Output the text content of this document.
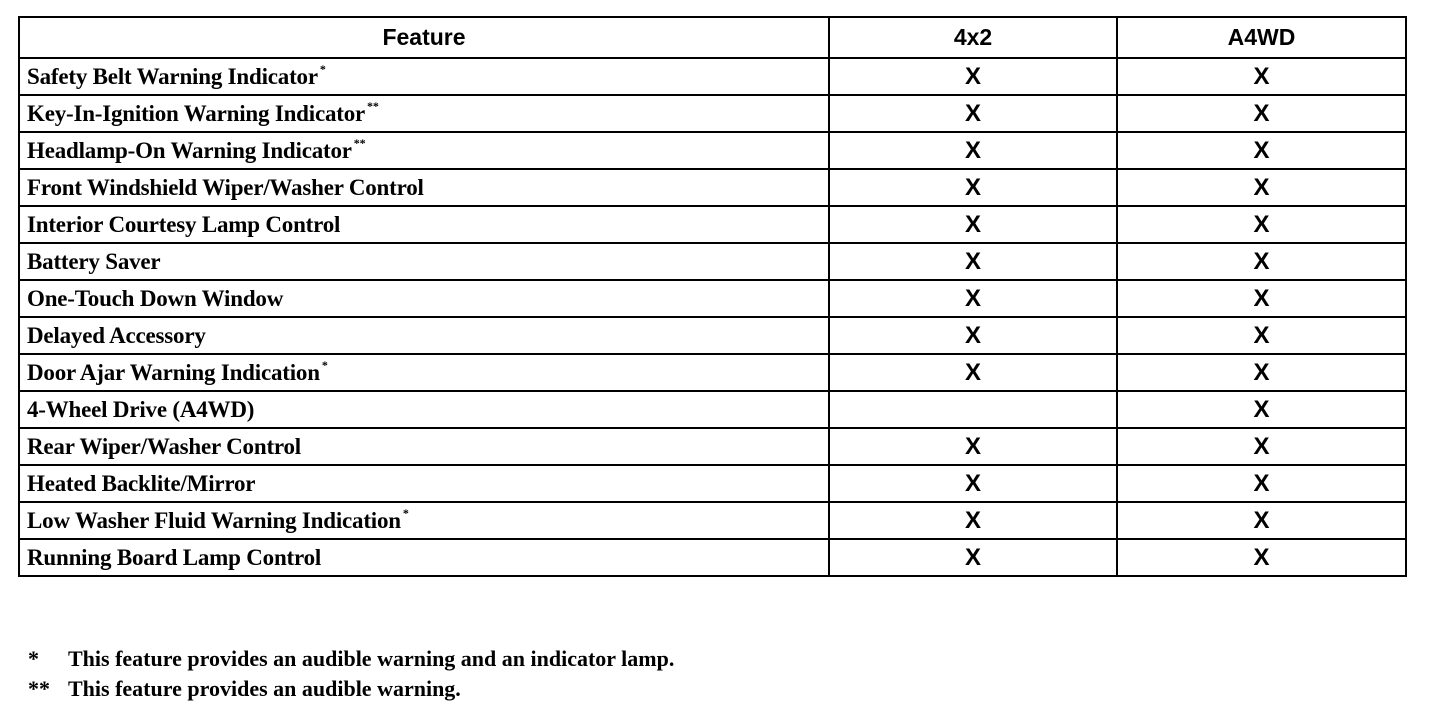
Feature	4x2	A4WD
Safety Belt Warning Indicator *	X	X
Key-In-Ignition Warning Indicator **	X	X
Headlamp-On Warning Indicator **	X	X
Front Windshield Wiper/Washer Control	X	X
Interior Courtesy Lamp Control	X	X
Battery Saver	X	X
One-Touch Down Window	X	X
Delayed Accessory	X	X
Door Ajar Warning Indication *	X	X
4-Wheel Drive (A4WD)		X
Rear Wiper/Washer Control	X	X
Heated Backlite/Mirror	X	X
Low Washer Fluid Warning Indication *	X	X
Running Board Lamp Control	X	X
*	This feature provides an audible warning and an indicator lamp.
** This feature provides an audible warning.
